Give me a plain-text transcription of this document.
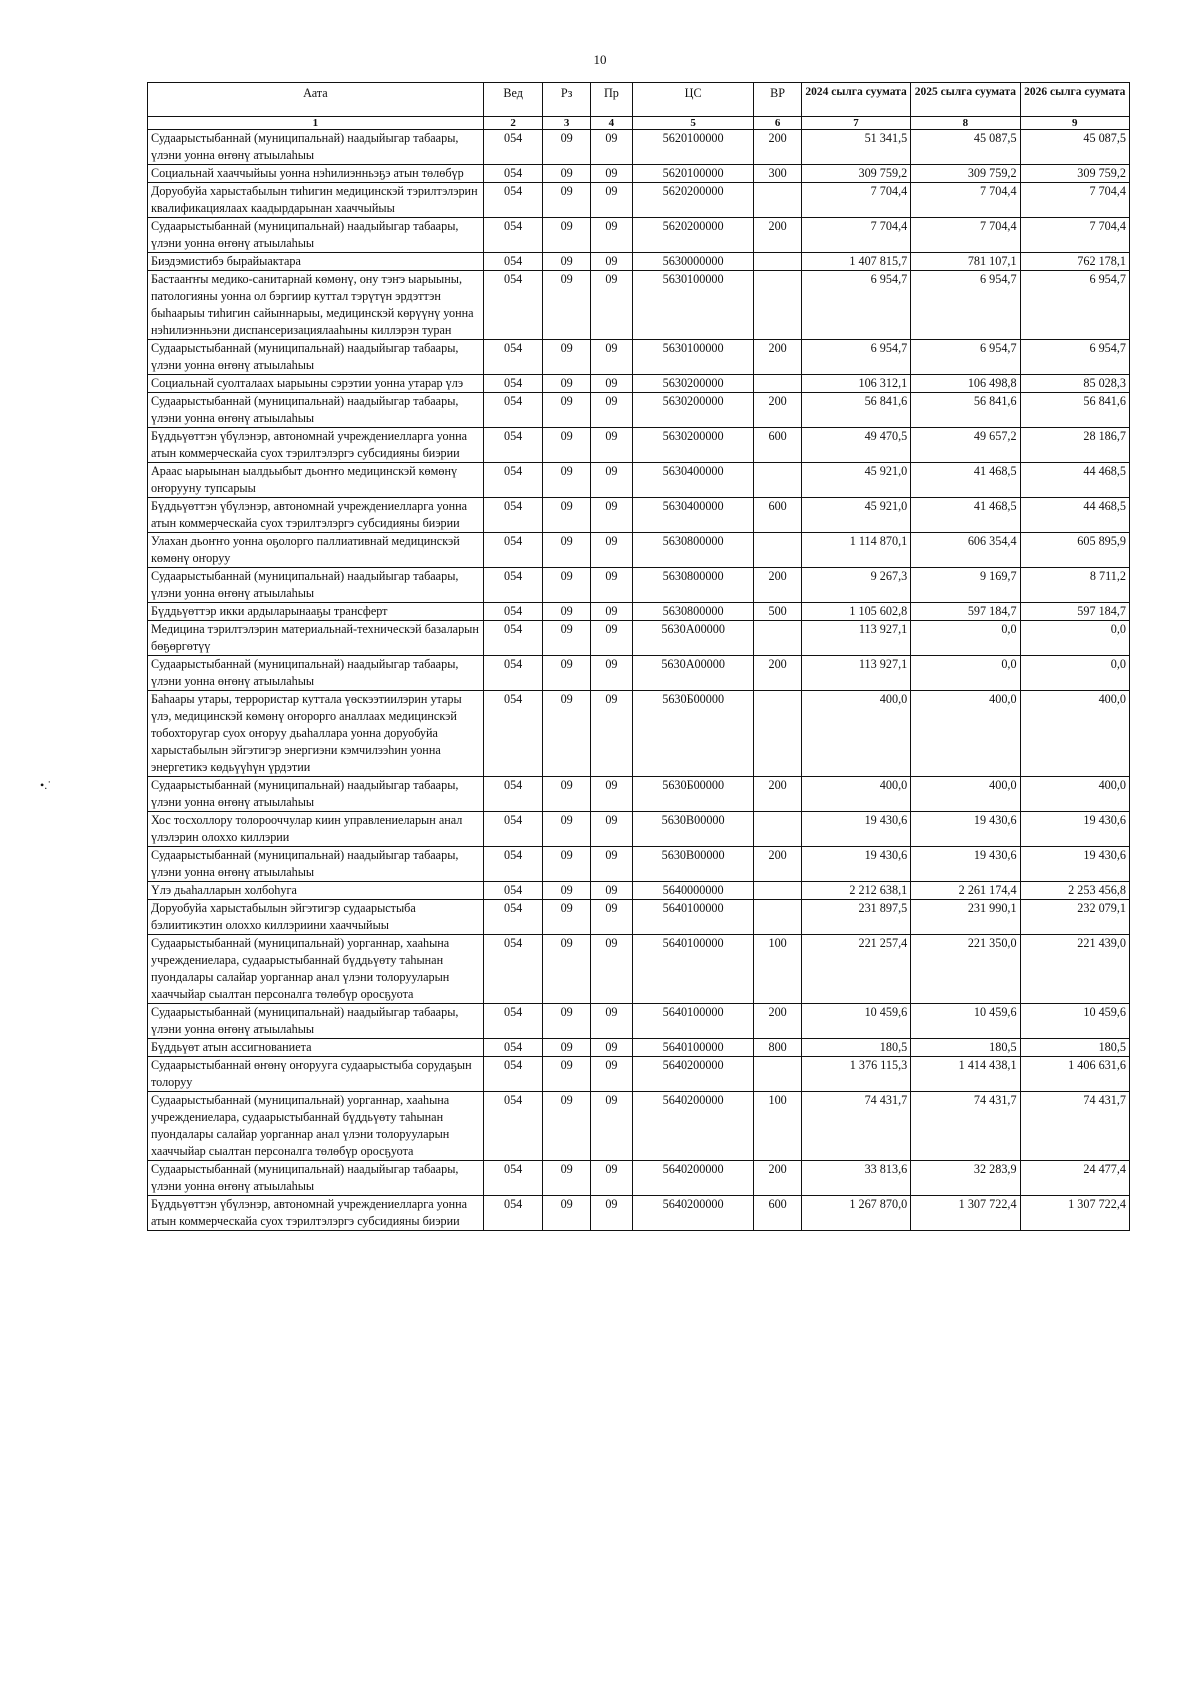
10
Аата	Вед	Рз	Пр	ЦС	ВР	2024 сылга суумата	2025 сылга суумата	2026 сылга суумата
1	2	3	4	5	6	7	8	9
Судаарыстыбаннай (муниципальнай) наадыйыгар табаары, үлэни уонна өҥөнү атыылаһыы	054	09	09	5620100000	200	51 341,5	45 087,5	45 087,5
Социальнай хааччыйыы уонна нэһилиэнньэҕэ атын төлөбүр	054	09	09	5620100000	300	309 759,2	309 759,2	309 759,2
Доруобуйа харыстабылын тиһигин медицинскэй тэрилтэлэрин квалификациялаах каадырдарынан хааччыйыы	054	09	09	5620200000		7 704,4	7 704,4	7 704,4
Судаарыстыбаннай (муниципальнай) наадыйыгар табаары, үлэни уонна өҥөнү атыылаһыы	054	09	09	5620200000	200	7 704,4	7 704,4	7 704,4
Биэдэмистибэ бырайыактара	054	09	09	5630000000		1 407 815,7	781 107,1	762 178,1
Бастааҥҥы медико-санитарнай көмөнү, ону тэҥэ ыарыыны, патологияны уонна ол бэргиир куттал тэрүтүн эрдэттэн быһаарыы тиһигин сайыннарыы, медицинскэй көрүүнү уонна нэһилиэнньэни диспансеризациялааһыны киллэрэн туран	054	09	09	5630100000		6 954,7	6 954,7	6 954,7
Судаарыстыбаннай (муниципальнай) наадыйыгар табаары, үлэни уонна өҥөнү атыылаһыы	054	09	09	5630100000	200	6 954,7	6 954,7	6 954,7
Социальнай суолталаах ыарыыны сэрэтии уонна утарар үлэ	054	09	09	5630200000		106 312,1	106 498,8	85 028,3
Судаарыстыбаннай (муниципальнай) наадыйыгар табаары, үлэни уонна өҥөнү атыылаһыы	054	09	09	5630200000	200	56 841,6	56 841,6	56 841,6
Бүддьүөттэн үбүлэнэр, автономнай учреждениелларга уонна атын коммерческайа суох тэрилтэлэргэ субсидияны биэрии	054	09	09	5630200000	600	49 470,5	49 657,2	28 186,7
Араас ыарыынан ыалдьыбыт дьоҥҥо медицинскэй көмөнү оҥорууну тупсарыы	054	09	09	5630400000		45 921,0	41 468,5	44 468,5
Бүддьүөттэн үбүлэнэр, автономнай учреждениелларга уонна атын коммерческайа суох тэрилтэлэргэ субсидияны биэрии	054	09	09	5630400000	600	45 921,0	41 468,5	44 468,5
Улахан дьоҥҥо уонна оҕолорго паллиативнай медицинскэй көмөнү оҥоруу	054	09	09	5630800000		1 114 870,1	606 354,4	605 895,9
Судаарыстыбаннай (муниципальнай) наадыйыгар табаары, үлэни уонна өҥөнү атыылаһыы	054	09	09	5630800000	200	9 267,3	9 169,7	8 711,2
Бүддьүөттэр икки ардыларынааҕы трансферт	054	09	09	5630800000	500	1 105 602,8	597 184,7	597 184,7
Медицина тэрилтэлэрин материальнай-техническэй базаларын бөҕөргөтүү	054	09	09	5630А00000		113 927,1	0,0	0,0
Судаарыстыбаннай (муниципальнай) наадыйыгар табаары, үлэни уонна өҥөнү атыылаһыы	054	09	09	5630А00000	200	113 927,1	0,0	0,0
Баһаары утары, террористар куттала үөскээтиилэрин утары үлэ, медицинскэй көмөнү оҥорорго аналлаах медицинскэй тобохторугар суох оҥоруу дьаһаллара уонна доруобуйа харыстабылын эйгэтигэр энергиэни кэмчилээһин уонна энергетикэ көдьүүһүн үрдэтии	054	09	09	5630Б00000		400,0	400,0	400,0
Судаарыстыбаннай (муниципальнай) наадыйыгар табаары, үлэни уонна өҥөнү атыылаһыы	054	09	09	5630Б00000	200	400,0	400,0	400,0
Хос тосхоллору толорооччулар киин управлениеларын анал үлэлэрин олоххо киллэрии	054	09	09	5630В00000		19 430,6	19 430,6	19 430,6
Судаарыстыбаннай (муниципальнай) наадыйыгар табаары, үлэни уонна өҥөнү атыылаһыы	054	09	09	5630В00000	200	19 430,6	19 430,6	19 430,6
Үлэ дьаһалларын холбоһуга	054	09	09	5640000000		2 212 638,1	2 261 174,4	2 253 456,8
Доруобуйа харыстабылын эйгэтигэр судаарыстыба бэлиитикэтин олоххо киллэриини хааччыйыы	054	09	09	5640100000		231 897,5	231 990,1	232 079,1
Судаарыстыбаннай (муниципальнай) уорганнар, хааһына учреждениелара, судаарыстыбаннай бүддьүөту таһынан пуондалары салайар уорганнар анал үлэни толорууларын хааччыйар сыалтан персоналга төлөбүр оросҕуота	054	09	09	5640100000	100	221 257,4	221 350,0	221 439,0
Судаарыстыбаннай (муниципальнай) наадыйыгар табаары, үлэни уонна өҥөнү атыылаһыы	054	09	09	5640100000	200	10 459,6	10 459,6	10 459,6
Бүддьүөт атын ассигнованиета	054	09	09	5640100000	800	180,5	180,5	180,5
Судаарыстыбаннай өҥөнү оҥорууга судаарыстыба сорудаҕын толоруу	054	09	09	5640200000		1 376 115,3	1 414 438,1	1 406 631,6
Судаарыстыбаннай (муниципальнай) уорганнар, хааһына учреждениелара, судаарыстыбаннай бүддьүөту таһынан пуондалары салайар уорганнар анал үлэни толорууларын хааччыйар сыалтан персоналга төлөбүр оросҕуота	054	09	09	5640200000	100	74 431,7	74 431,7	74 431,7
Судаарыстыбаннай (муниципальнай) наадыйыгар табаары, үлэни уонна өҥөнү атыылаһыы	054	09	09	5640200000	200	33 813,6	32 283,9	24 477,4
Бүддьүөттэн үбүлэнэр, автономнай учреждениелларга уонна атын коммерческайа суох тэрилтэлэргэ субсидияны биэрии	054	09	09	5640200000	600	1 267 870,0	1 307 722,4	1 307 722,4
•.˙
